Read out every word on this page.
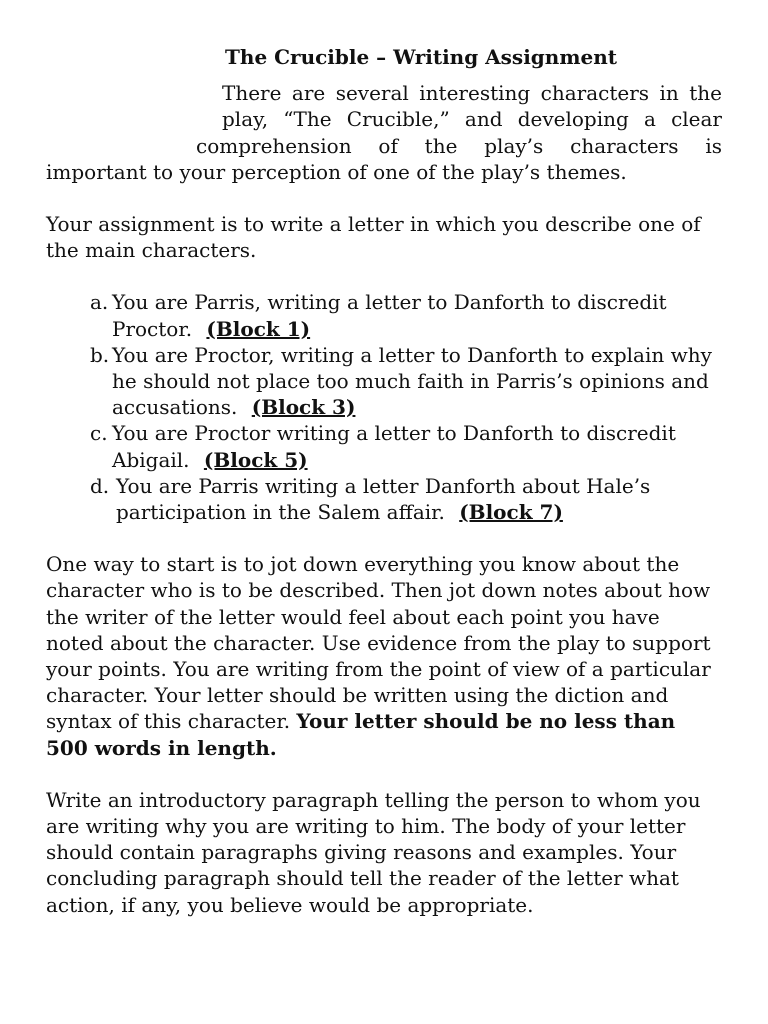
The Crucible – Writing Assignment

There are several interesting characters in the play, “The Crucible,” and developing a clear comprehension of the play’s characters is important to your perception of one of the play’s themes.

Your assignment is to write a letter in which you describe one of the main characters.

a. You are Parris, writing a letter to Danforth to discredit Proctor. (Block 1)
b. You are Proctor, writing a letter to Danforth to explain why he should not place too much faith in Parris’s opinions and accusations. (Block 3)
c. You are Proctor writing a letter to Danforth to discredit Abigail. (Block 5)
d. You are Parris writing a letter Danforth about Hale’s participation in the Salem affair. (Block 7)

One way to start is to jot down everything you know about the character who is to be described. Then jot down notes about how the writer of the letter would feel about each point you have noted about the character. Use evidence from the play to support your points. You are writing from the point of view of a particular character. Your letter should be written using the diction and syntax of this character. Your letter should be no less than 500 words in length.

Write an introductory paragraph telling the person to whom you are writing why you are writing to him. The body of your letter should contain paragraphs giving reasons and examples. Your concluding paragraph should tell the reader of the letter what action, if any, you believe would be appropriate.
